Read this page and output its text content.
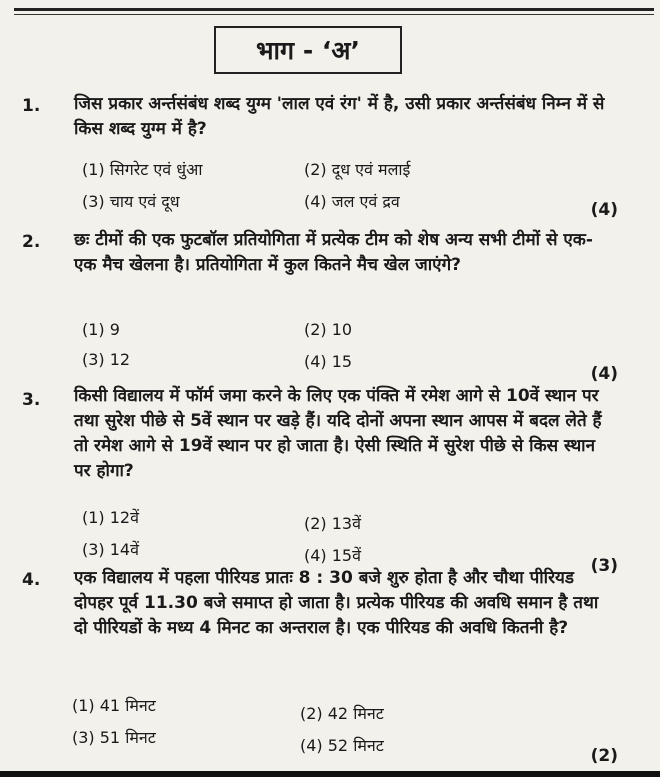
भाग - ‘अ’
1. जिस प्रकार अर्न्तसंबंध शब्द युग्म 'लाल एवं रंग' में है, उसी प्रकार अर्न्तसंबंध निम्न में से किस शब्द युग्म में है?
(1) सिगरेट एवं धुंआ	(2) दूध एवं मलाई
(3) चाय एवं दूध	(4) जल एवं द्रव	(4)
2. छः टीमों की एक फुटबॉल प्रतियोगिता में प्रत्येक टीम को शेष अन्य सभी टीमों से एक-एक मैच खेलना है। प्रतियोगिता में कुल कितने मैच खेल जाएंगे?
(1) 9	(2) 10
(3) 12	(4) 15
(4)
3. किसी विद्यालय में फॉर्म जमा करने के लिए एक पंक्ति में रमेश आगे से 10वें स्थान पर तथा सुरेश पीछे से 5वें स्थान पर खड़े हैं। यदि दोनों अपना स्थान आपस में बदल लेते हैं तो रमेश आगे से 19वें स्थान पर हो जाता है। ऐसी स्थिति में सुरेश पीछे से किस स्थान पर होगा?
(1) 12वें	(2) 13वें
(3) 14वें	(4) 15वें
(3)
4. एक विद्यालय में पहला पीरियड प्रातः 8 : 30 बजे शुरु होता है और चौथा पीरियड दोपहर पूर्व 11.30 बजे समाप्त हो जाता है। प्रत्येक पीरियड की अवधि समान है तथा दो पीरियडों के मध्य 4 मिनट का अन्तराल है। एक पीरियड की अवधि कितनी है?
(1) 41 मिनट	(2) 42 मिनट
(3) 51 मिनट	(4) 52 मिनट
(2)
